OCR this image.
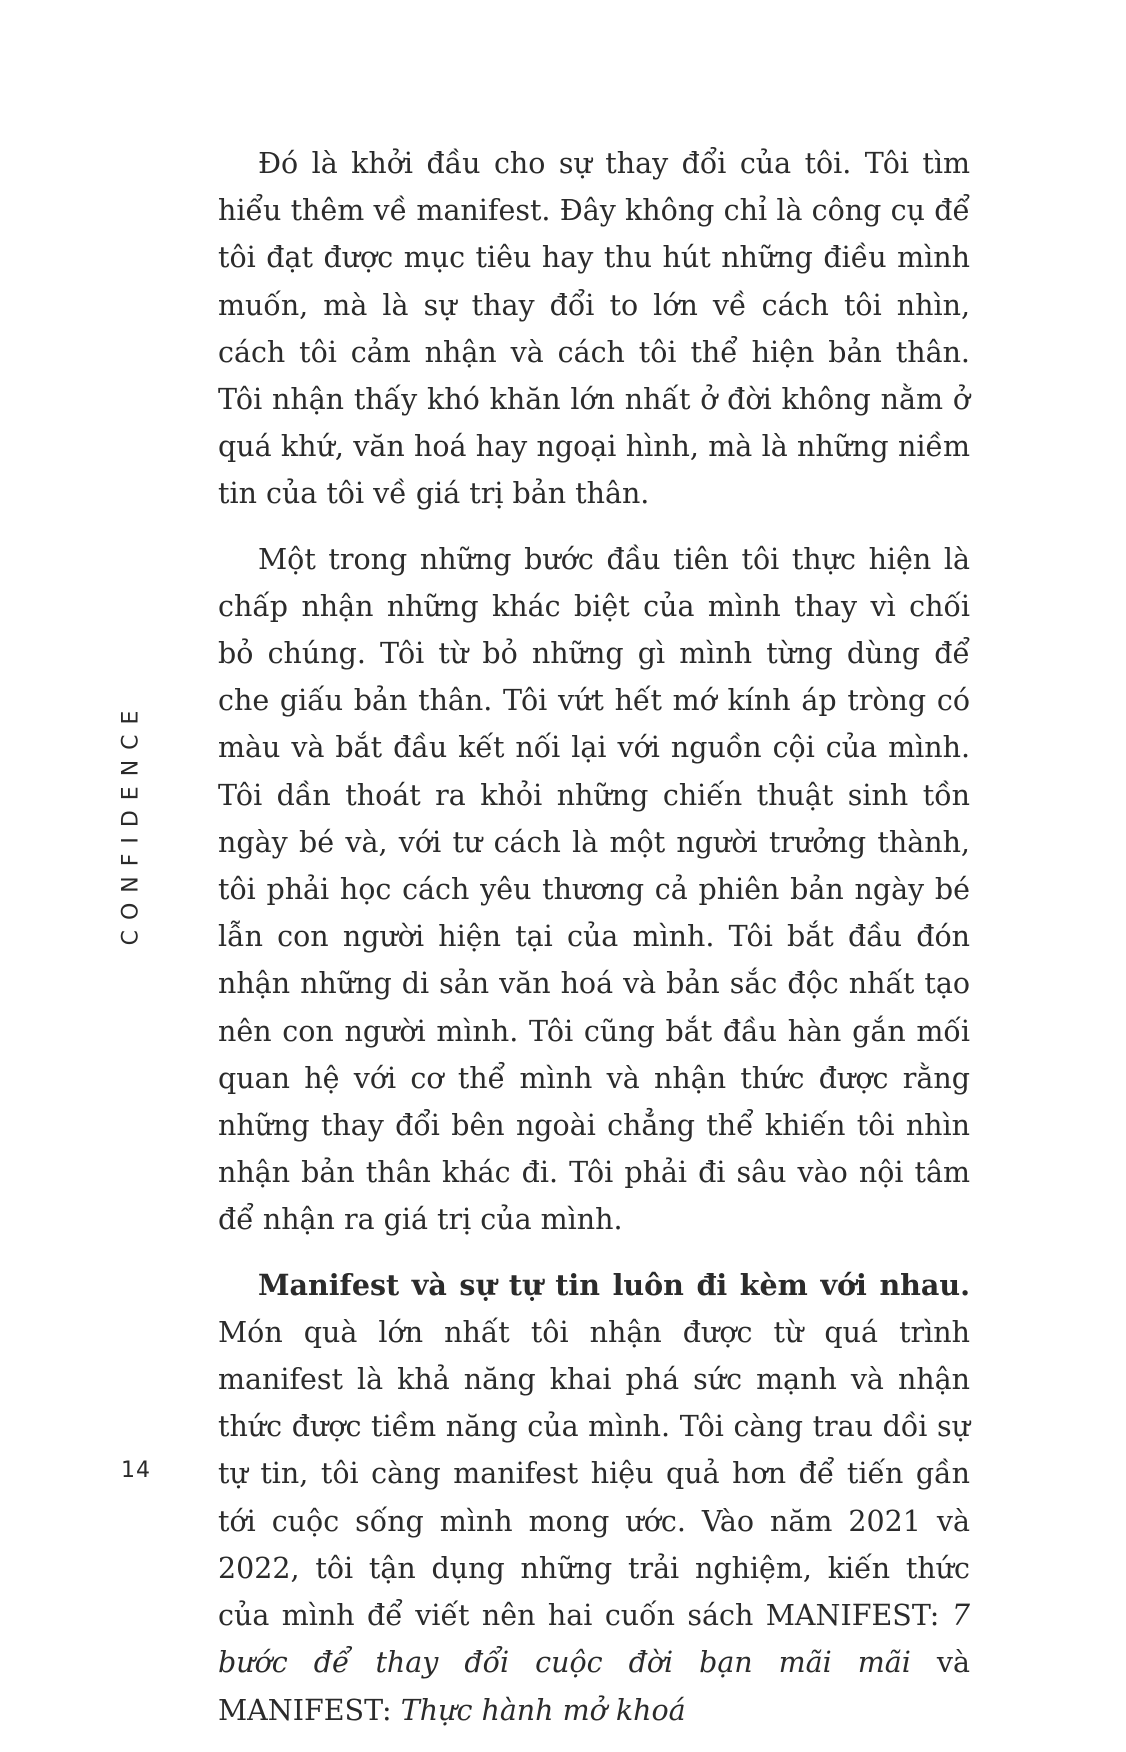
CONFIDENCE

Đó là khởi đầu cho sự thay đổi của tôi. Tôi tìm hiểu thêm về manifest. Đây không chỉ là công cụ để tôi đạt được mục tiêu hay thu hút những điều mình muốn, mà là sự thay đổi to lớn về cách tôi nhìn, cách tôi cảm nhận và cách tôi thể hiện bản thân. Tôi nhận thấy khó khăn lớn nhất ở đời không nằm ở quá khứ, văn hoá hay ngoại hình, mà là những niềm tin của tôi về giá trị bản thân.

Một trong những bước đầu tiên tôi thực hiện là chấp nhận những khác biệt của mình thay vì chối bỏ chúng. Tôi từ bỏ những gì mình từng dùng để che giấu bản thân. Tôi vứt hết mớ kính áp tròng có màu và bắt đầu kết nối lại với nguồn cội của mình. Tôi dần thoát ra khỏi những chiến thuật sinh tồn ngày bé và, với tư cách là một người trưởng thành, tôi phải học cách yêu thương cả phiên bản ngày bé lẫn con người hiện tại của mình. Tôi bắt đầu đón nhận những di sản văn hoá và bản sắc độc nhất tạo nên con người mình. Tôi cũng bắt đầu hàn gắn mối quan hệ với cơ thể mình và nhận thức được rằng những thay đổi bên ngoài chẳng thể khiến tôi nhìn nhận bản thân khác đi. Tôi phải đi sâu vào nội tâm để nhận ra giá trị của mình.

Manifest và sự tự tin luôn đi kèm với nhau. Món quà lớn nhất tôi nhận được từ quá trình manifest là khả năng khai phá sức mạnh và nhận thức được tiềm năng của mình. Tôi càng trau dồi sự tự tin, tôi càng manifest hiệu quả hơn để tiến gần tới cuộc sống mình mong ước. Vào năm 2021 và 2022, tôi tận dụng những trải nghiệm, kiến thức của mình để viết nên hai cuốn sách MANIFEST: 7 bước để thay đổi cuộc đời bạn mãi mãi và MANIFEST: Thực hành mở khoá

14
